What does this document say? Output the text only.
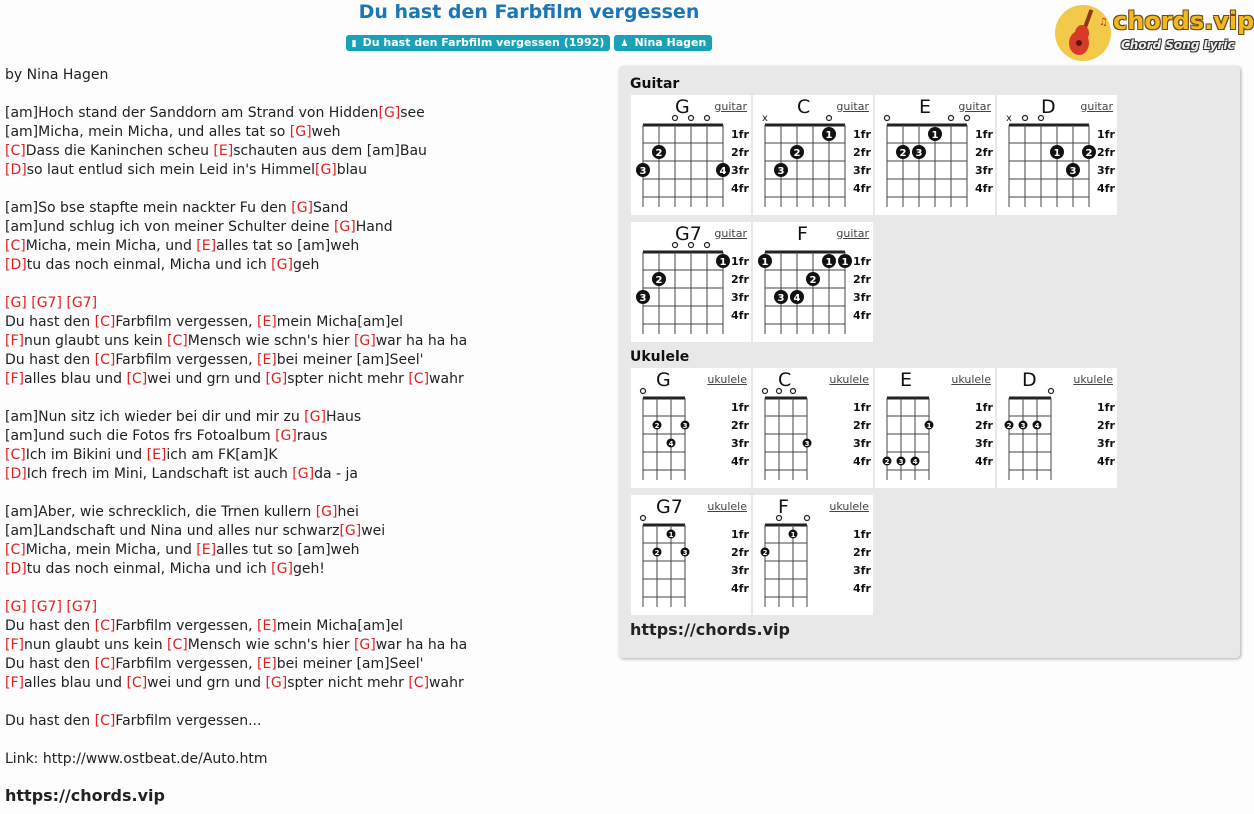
Du hast den Farbfilm vergessen
▮ Du hast den Farbfilm vergessen (1992) ♟ Nina Hagen
♫ chords.vip
Chord Song Lyric
by Nina Hagen
[am]Hoch stand der Sanddorn am Strand von Hidden[G]see
[am]Micha, mein Micha, und alles tat so [G]weh
[C]Dass die Kaninchen scheu [E]schauten aus dem [am]Bau
[D]so laut entlud sich mein Leid in's Himmel[G]blau
[am]So bse stapfte mein nackter Fu den [G]Sand
[am]und schlug ich von meiner Schulter deine [G]Hand
[C]Micha, mein Micha, und [E]alles tat so [am]weh
[D]tu das noch einmal, Micha und ich [G]geh
[G] [G7] [G7]
Du hast den [C]Farbfilm vergessen, [E]mein Micha[am]el
[F]nun glaubt uns kein [C]Mensch wie schn's hier [G]war ha ha ha
Du hast den [C]Farbfilm vergessen, [E]bei meiner [am]Seel'
[F]alles blau und [C]wei und grn und [G]spter nicht mehr [C]wahr
[am]Nun sitz ich wieder bei dir und mir zu [G]Haus
[am]und such die Fotos frs Fotoalbum [G]raus
[C]Ich im Bikini und [E]ich am FK[am]K
[D]Ich frech im Mini, Landschaft ist auch [G]da - ja
[am]Aber, wie schrecklich, die Trnen kullern [G]hei
[am]Landschaft und Nina und alles nur schwarz[G]wei
[C]Micha, mein Micha, und [E]alles tut so [am]weh
[D]tu das noch einmal, Micha und ich [G]geh!
[G] [G7] [G7]
Du hast den [C]Farbfilm vergessen, [E]mein Micha[am]el
[F]nun glaubt uns kein [C]Mensch wie schn's hier [G]war ha ha ha
Du hast den [C]Farbfilm vergessen, [E]bei meiner [am]Seel'
[F]alles blau und [C]wei und grn und [G]spter nicht mehr [C]wahr
Du hast den [C]Farbfilm vergessen...
Link: http://www.ostbeat.de/Auto.htm
https://chords.vip
Guitar
Ukulele
https://chords.vip
G guitar
1fr
2fr
3fr
4fr
2
3	4
C guitar
1fr
2fr
3fr
4fr
x
1
2
3
E guitar
1fr
2fr
3fr
4fr
1
2 3
D guitar
1fr
2fr
3fr
4fr
x
1	2
3
G7 guitar
1fr
2fr
3fr
4fr
1
2
3
F	guitar
1fr
2fr
3fr
4fr
1	1 1
2
3 4
G	ukulele
1fr
2fr
3fr
4fr
2	3
4
C	ukulele
1fr
2fr
3fr
4fr
3
E	ukulele
1fr
2fr
3fr
4fr
1
2 3 4
D	ukulele
1fr
2fr
3fr
4fr
2 3 4
G7 ukulele
1fr
2fr
3fr
4fr
1
2	3
F	ukulele
1fr
2fr
3fr
4fr
1
2
